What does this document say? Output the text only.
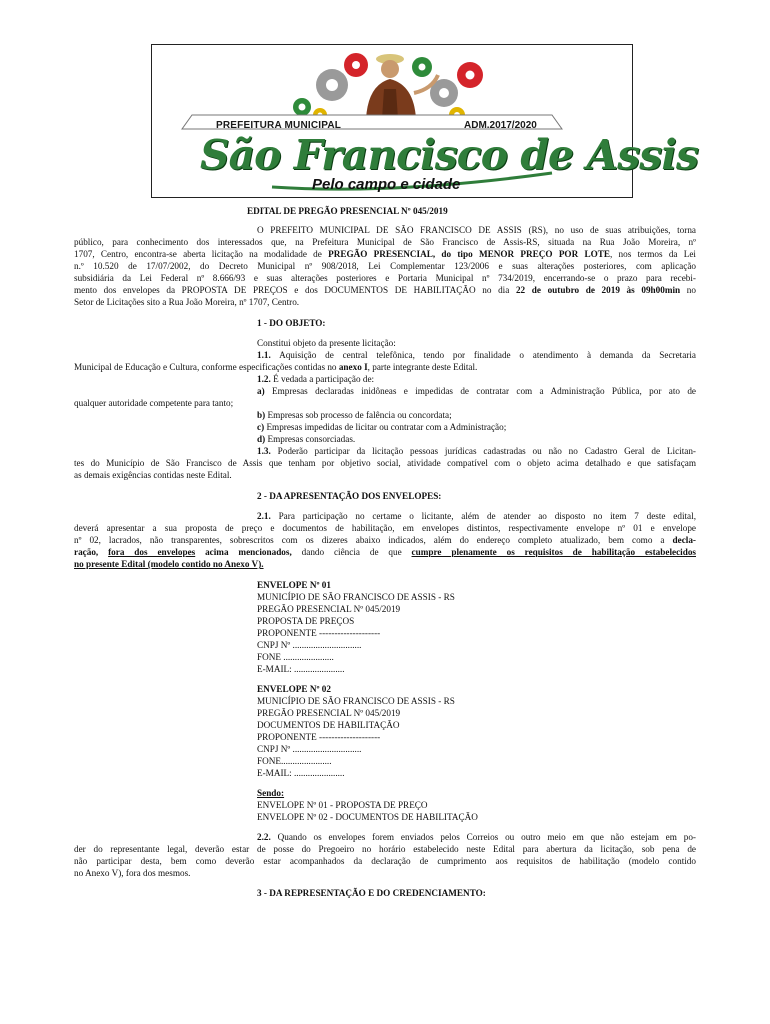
PREFEITURA MUNICIPAL	ADM.2017/2020
São Francisco de Assis
Pelo campo e cidade
EDITAL DE PREGÃO PRESENCIAL Nº 045/2019
O PREFEITO MUNICIPAL DE SÃO FRANCISCO DE ASSIS (RS), no uso de suas atribuições, torna
público, para conhecimento dos interessados que, na Prefeitura Municipal de São Francisco de Assis-RS, situada na Rua João Moreira, nº
1707, Centro, encontra-se aberta licitação na modalidade de PREGÃO PRESENCIAL, do tipo MENOR PREÇO POR LOTE, nos termos da Lei
n.º 10.520 de 17/07/2002, do Decreto Municipal nº 908/2018, Lei Complementar 123/2006 e suas alterações posteriores, com aplicação
subsidiária da Lei Federal nº 8.666/93 e suas alterações posteriores e Portaria Municipal nº 734/2019, encerrando-se o prazo para recebi-
mento dos envelopes da PROPOSTA DE PREÇOS e dos DOCUMENTOS DE HABILITAÇÃO no dia 22 de outubro de 2019 às 09h00min no
Setor de Licitações sito a Rua João Moreira, nº 1707, Centro.
1 - DO OBJETO:
Constitui objeto da presente licitação:
1.1. Aquisição de central telefônica, tendo por finalidade o atendimento à demanda da Secretaria
Municipal de Educação e Cultura, conforme especificações contidas no anexo I, parte integrante deste Edital.
1.2. É vedada a participação de:
a) Empresas declaradas inidôneas e impedidas de contratar com a Administração Pública, por ato de
qualquer autoridade competente para tanto;
b) Empresas sob processo de falência ou concordata;
c) Empresas impedidas de licitar ou contratar com a Administração;
d) Empresas consorciadas.
1.3. Poderão participar da licitação pessoas jurídicas cadastradas ou não no Cadastro Geral de Licitan-
tes do Município de São Francisco de Assis que tenham por objetivo social, atividade compatível com o objeto acima detalhado e que satisfaçam
as demais exigências contidas neste Edital.
2 - DA APRESENTAÇÃO DOS ENVELOPES:
2.1. Para participação no certame o licitante, além de atender ao disposto no item 7 deste edital,
deverá apresentar a sua proposta de preço e documentos de habilitação, em envelopes distintos, respectivamente envelope nº 01 e envelope
nº 02, lacrados, não transparentes, sobrescritos com os dizeres abaixo indicados, além do endereço completo atualizado, bem como a decla-
ração, fora dos envelopes acima mencionados, dando ciência de que cumpre plenamente os requisitos de habilitação estabelecidos
no presente Edital (modelo contido no Anexo V).
ENVELOPE Nº 01
MUNICÍPIO DE SÃO FRANCISCO DE ASSIS - RS
PREGÃO PRESENCIAL Nº 045/2019
PROPOSTA DE PREÇOS
PROPONENTE --------------------
CNPJ Nº ..............................
FONE ......................
E-MAIL: ......................
ENVELOPE Nº 02
MUNICÍPIO DE SÃO FRANCISCO DE ASSIS - RS
PREGÃO PRESENCIAL Nº 045/2019
DOCUMENTOS DE HABILITAÇÃO
PROPONENTE --------------------
CNPJ Nº ..............................
FONE......................
E-MAIL: ......................
Sendo:
ENVELOPE Nº 01 - PROPOSTA DE PREÇO
ENVELOPE Nº 02 - DOCUMENTOS DE HABILITAÇÃO
2.2. Quando os envelopes forem enviados pelos Correios ou outro meio em que não estejam em po-
der do representante legal, deverão estar de posse do Pregoeiro no horário estabelecido neste Edital para abertura da licitação, sob pena de
não participar desta, bem como deverão estar acompanhados da declaração de cumprimento aos requisitos de habilitação (modelo contido
no Anexo V), fora dos mesmos.
3 - DA REPRESENTAÇÃO E DO CREDENCIAMENTO:
